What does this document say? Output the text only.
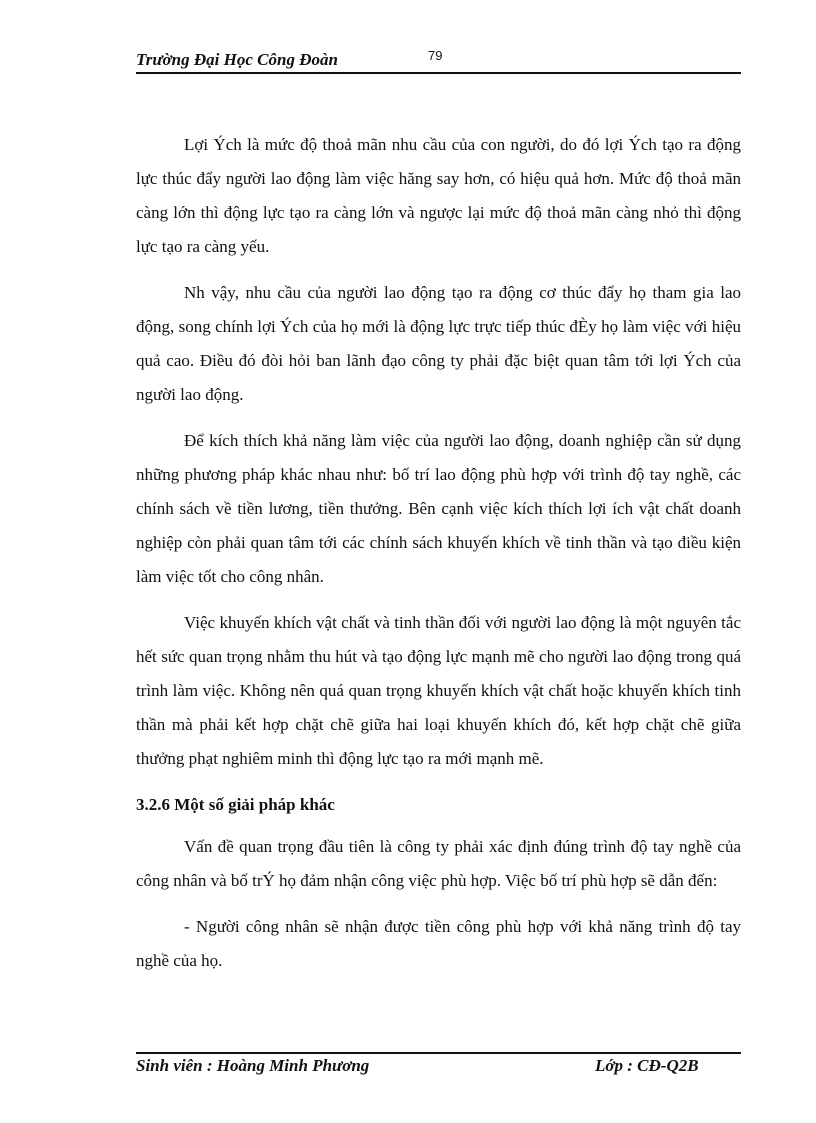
Trường Đại Học Công Đoàn	79

Lợi Ých là mức độ thoả mãn nhu cầu của con người, do đó lợi Ých tạo ra động lực thúc đẩy người lao động làm việc hăng say hơn, có hiệu quả hơn. Mức độ thoả mãn càng lớn thì động lực tạo ra càng lớn và ngược lại mức độ thoả mãn càng nhỏ thì động lực tạo ra càng yếu.

Nh vậy, nhu cầu của người lao động tạo ra động cơ thúc đẩy họ tham gia lao động, song chính lợi Ých của họ mới là động lực trực tiếp thúc đÈy họ làm việc với hiệu quả cao. Điều đó đòi hỏi ban lãnh đạo công ty phải đặc biệt quan tâm tới lợi Ých của người lao động.

Để kích thích khả năng làm việc của người lao động, doanh nghiệp cần sử dụng những phương pháp khác nhau như: bố trí lao động phù hợp với trình độ tay nghề, các chính sách về tiền lương, tiền thưởng. Bên cạnh việc kích thích lợi ích vật chất doanh nghiệp còn phải quan tâm tới các chính sách khuyến khích về tinh thần và tạo điều kiện làm việc tốt cho công nhân.

Việc khuyến khích vật chất và tinh thần đối với người lao động là một nguyên tắc hết sức quan trọng nhằm thu hút và tạo động lực mạnh mẽ cho người lao động trong quá trình làm việc. Không nên quá quan trọng khuyến khích vật chất hoặc khuyến khích tinh thần mà phải kết hợp chặt chẽ giữa hai loại khuyến khích đó, kết hợp chặt chẽ giữa thưởng phạt nghiêm minh thì động lực tạo ra mới mạnh mẽ.

3.2.6 Một số giải pháp khác

Vấn đề quan trọng đầu tiên là công ty phải xác định đúng trình độ tay nghề của công nhân và bố trÝ họ đảm nhận công việc phù hợp. Việc bố trí phù hợp sẽ dẫn đến:

- Người công nhân sẽ nhận được tiền công phù hợp với khả năng trình độ tay nghề của họ.

Sinh viên : Hoàng Minh Phương	Lớp : CĐ-Q2B
